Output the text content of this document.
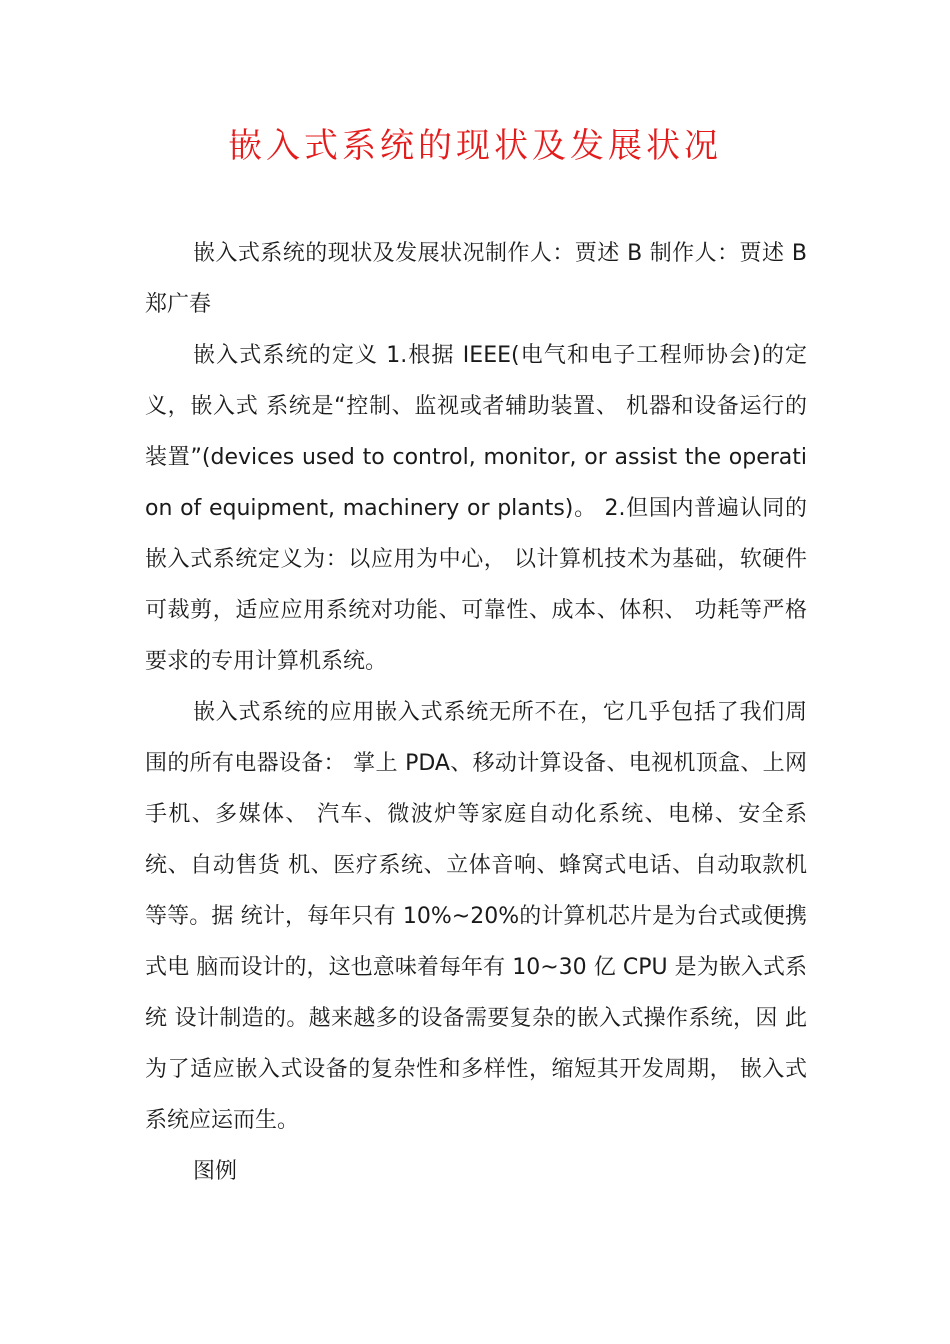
嵌入式系统的现状及发展状况

嵌入式系统的现状及发展状况制作人：贾述 B 制作人：贾述 B 郑广春

嵌入式系统的定义 1.根据 IEEE(电气和电子工程师协会)的定义，嵌入式 系统是“控制、监视或者辅助装置、 机器和设备运行的装置”(devices used to control, monitor, or assist the operation of equipment, machinery or plants)。 2.但国内普遍认同的嵌入式系统定义为：以应用为中心， 以计算机技术为基础，软硬件可裁剪，适应应用系统对功能、可靠性、成本、体积、 功耗等严格要求的专用计算机系统。

嵌入式系统的应用嵌入式系统无所不在，它几乎包括了我们周围的所有电器设备： 掌上 PDA、移动计算设备、电视机顶盒、上网手机、多媒体、 汽车、微波炉等家庭自动化系统、电梯、安全系统、自动售货 机、医疗系统、立体音响、蜂窝式电话、自动取款机等等。据 统计，每年只有 10%~20%的计算机芯片是为台式或便携式电 脑而设计的，这也意味着每年有 10~30 亿 CPU 是为嵌入式系统 设计制造的。越来越多的设备需要复杂的嵌入式操作系统，因 此为了适应嵌入式设备的复杂性和多样性，缩短其开发周期， 嵌入式系统应运而生。

图例
